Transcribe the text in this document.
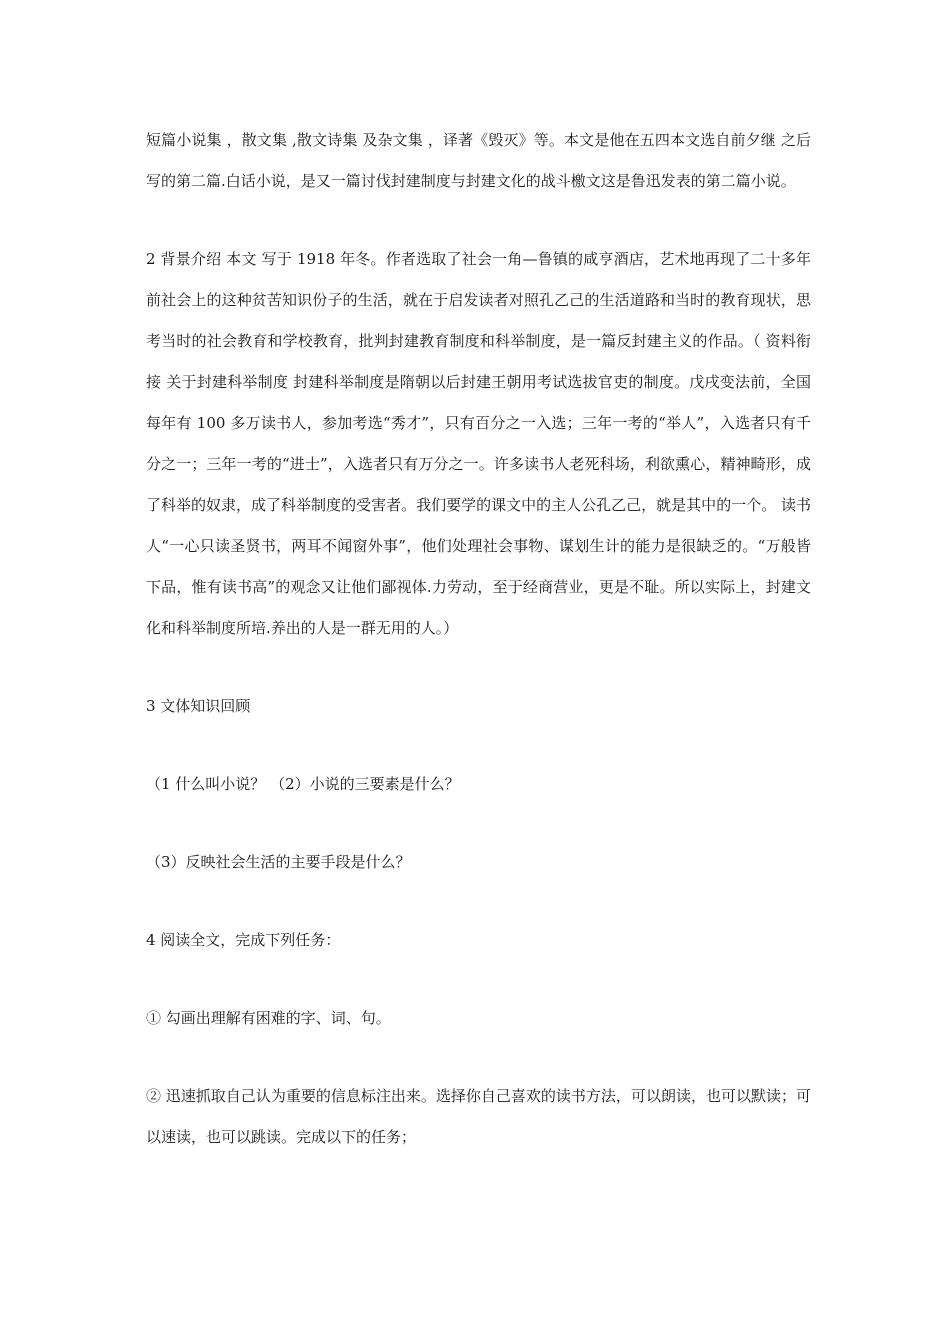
短篇小说集 ，散文集 ,散文诗集 及杂文集 ，译著《毁灭》等。本文是他在五四本文选自前夕继 之后写的第二篇.白话小说，是又一篇讨伐封建制度与封建文化的战斗檄文这是鲁迅发表的第二篇小说。

2 背景介绍 本文 写于 1918 年冬。作者选取了社会一角—鲁镇的咸亨酒店，艺术地再现了二十多年前社会上的这种贫苦知识份子的生活，就在于启发读者对照孔乙己的生活道路和当时的教育现状，思考当时的社会教育和学校教育，批判封建教育制度和科举制度，是一篇反封建主义的作品。（ 资料衔接 关于封建科举制度 封建科举制度是隋朝以后封建王朝用考试选拔官吏的制度。戊戌变法前，全国每年有 100 多万读书人，参加考选“秀才”，只有百分之一入选；三年一考的“举人”，入选者只有千分之一；三年一考的“进士”，入选者只有万分之一。许多读书人老死科场，利欲熏心，精神畸形，成了科举的奴隶，成了科举制度的受害者。我们要学的课文中的主人公孔乙己，就是其中的一个。 读书人“一心只读圣贤书，两耳不闻窗外事”，他们处理社会事物、谋划生计的能力是很缺乏的。“万般皆下品，惟有读书高”的观念又让他们鄙视体.力劳动，至于经商营业，更是不耻。所以实际上，封建文化和科举制度所培.养出的人是一群无用的人。）

3 文体知识回顾

（1 什么叫小说？ （2）小说的三要素是什么？

（3）反映社会生活的主要手段是什么？

4 阅读全文，完成下列任务：

① 勾画出理解有困难的字、词、句。

② 迅速抓取自己认为重要的信息标注出来。选择你自己喜欢的读书方法，可以朗读，也可以默读；可以速读，也可以跳读。完成以下的任务；
